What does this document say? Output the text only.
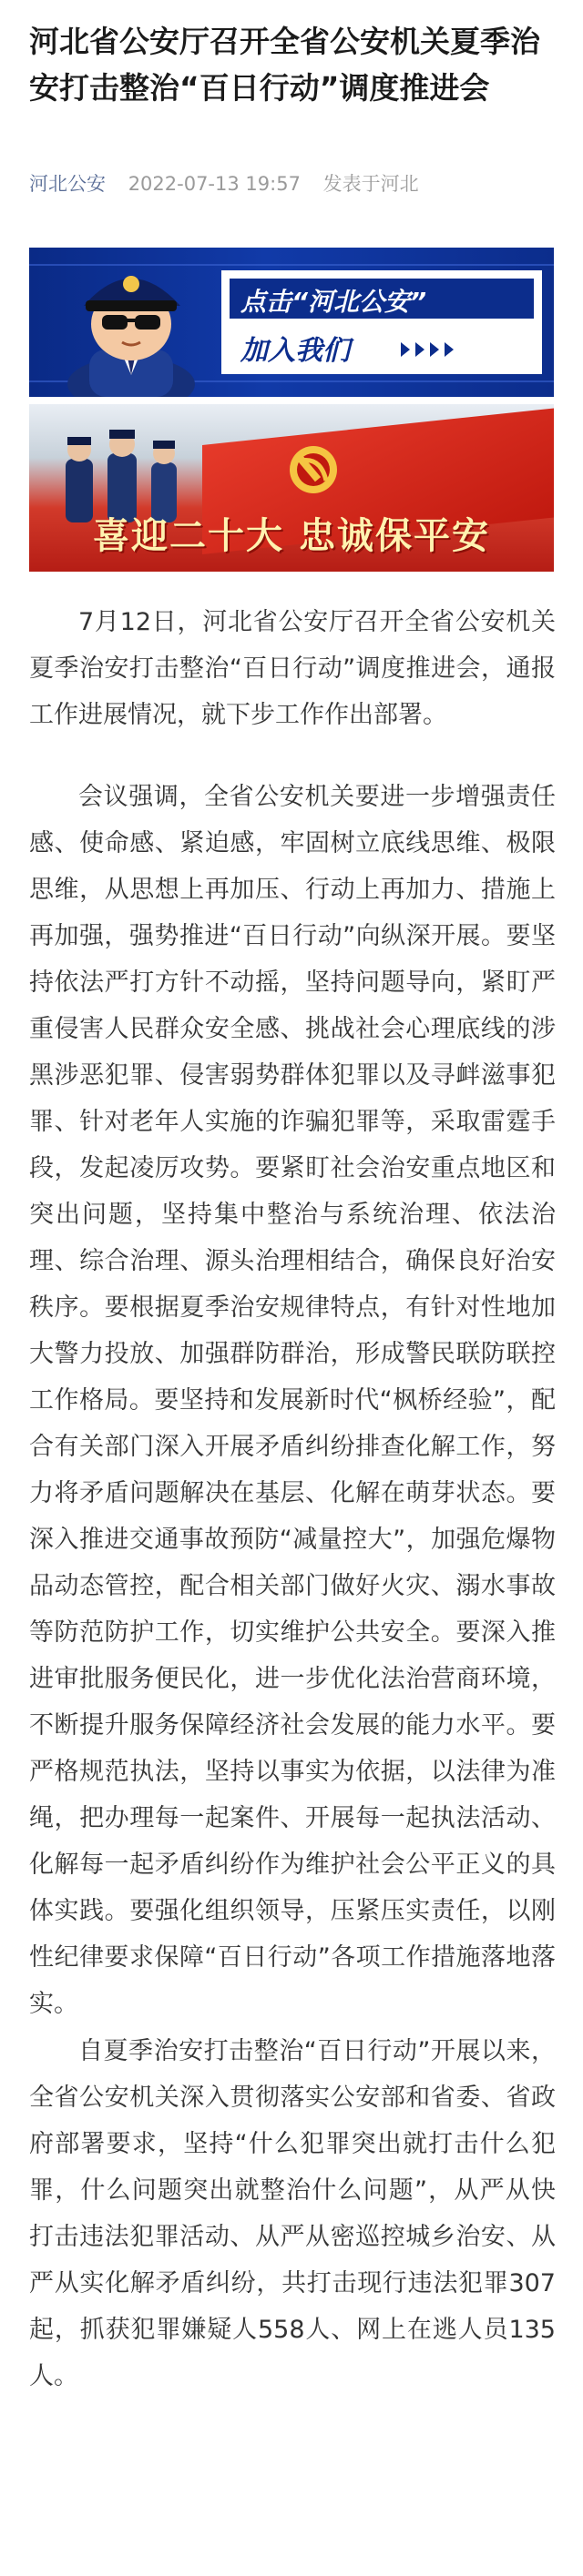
河北省公安厅召开全省公安机关夏季治安打击整治“百日行动”调度推进会
河北公安 2022-07-13 19:57 发表于河北
点击“河北公安”
加入我们
喜迎二十大 忠诚保平安

7月12日，河北省公安厅召开全省公安机关夏季治安打击整治“百日行动”调度推进会，通报工作进展情况，就下步工作作出部署。

会议强调，全省公安机关要进一步增强责任感、使命感、紧迫感，牢固树立底线思维、极限思维，从思想上再加压、行动上再加力、措施上再加强，强势推进“百日行动”向纵深开展。要坚持依法严打方针不动摇，坚持问题导向，紧盯严重侵害人民群众安全感、挑战社会心理底线的涉黑涉恶犯罪、侵害弱势群体犯罪以及寻衅滋事犯罪、针对老年人实施的诈骗犯罪等，采取雷霆手段，发起凌厉攻势。要紧盯社会治安重点地区和突出问题，坚持集中整治与系统治理、依法治理、综合治理、源头治理相结合，确保良好治安秩序。要根据夏季治安规律特点，有针对性地加大警力投放、加强群防群治，形成警民联防联控工作格局。要坚持和发展新时代“枫桥经验”，配合有关部门深入开展矛盾纠纷排查化解工作，努力将矛盾问题解决在基层、化解在萌芽状态。要深入推进交通事故预防“减量控大”，加强危爆物品动态管控，配合相关部门做好火灾、溺水事故等防范防护工作，切实维护公共安全。要深入推进审批服务便民化，进一步优化法治营商环境，不断提升服务保障经济社会发展的能力水平。要严格规范执法，坚持以事实为依据，以法律为准绳，把办理每一起案件、开展每一起执法活动、化解每一起矛盾纠纷作为维护社会公平正义的具体实践。要强化组织领导，压紧压实责任，以刚性纪律要求保障“百日行动”各项工作措施落地落实。

自夏季治安打击整治“百日行动”开展以来，全省公安机关深入贯彻落实公安部和省委、省政府部署要求，坚持“什么犯罪突出就打击什么犯罪，什么问题突出就整治什么问题”，从严从快打击违法犯罪活动、从严从密巡控城乡治安、从严从实化解矛盾纠纷，共打击现行违法犯罪307起，抓获犯罪嫌疑人558人、网上在逃人员135人。
